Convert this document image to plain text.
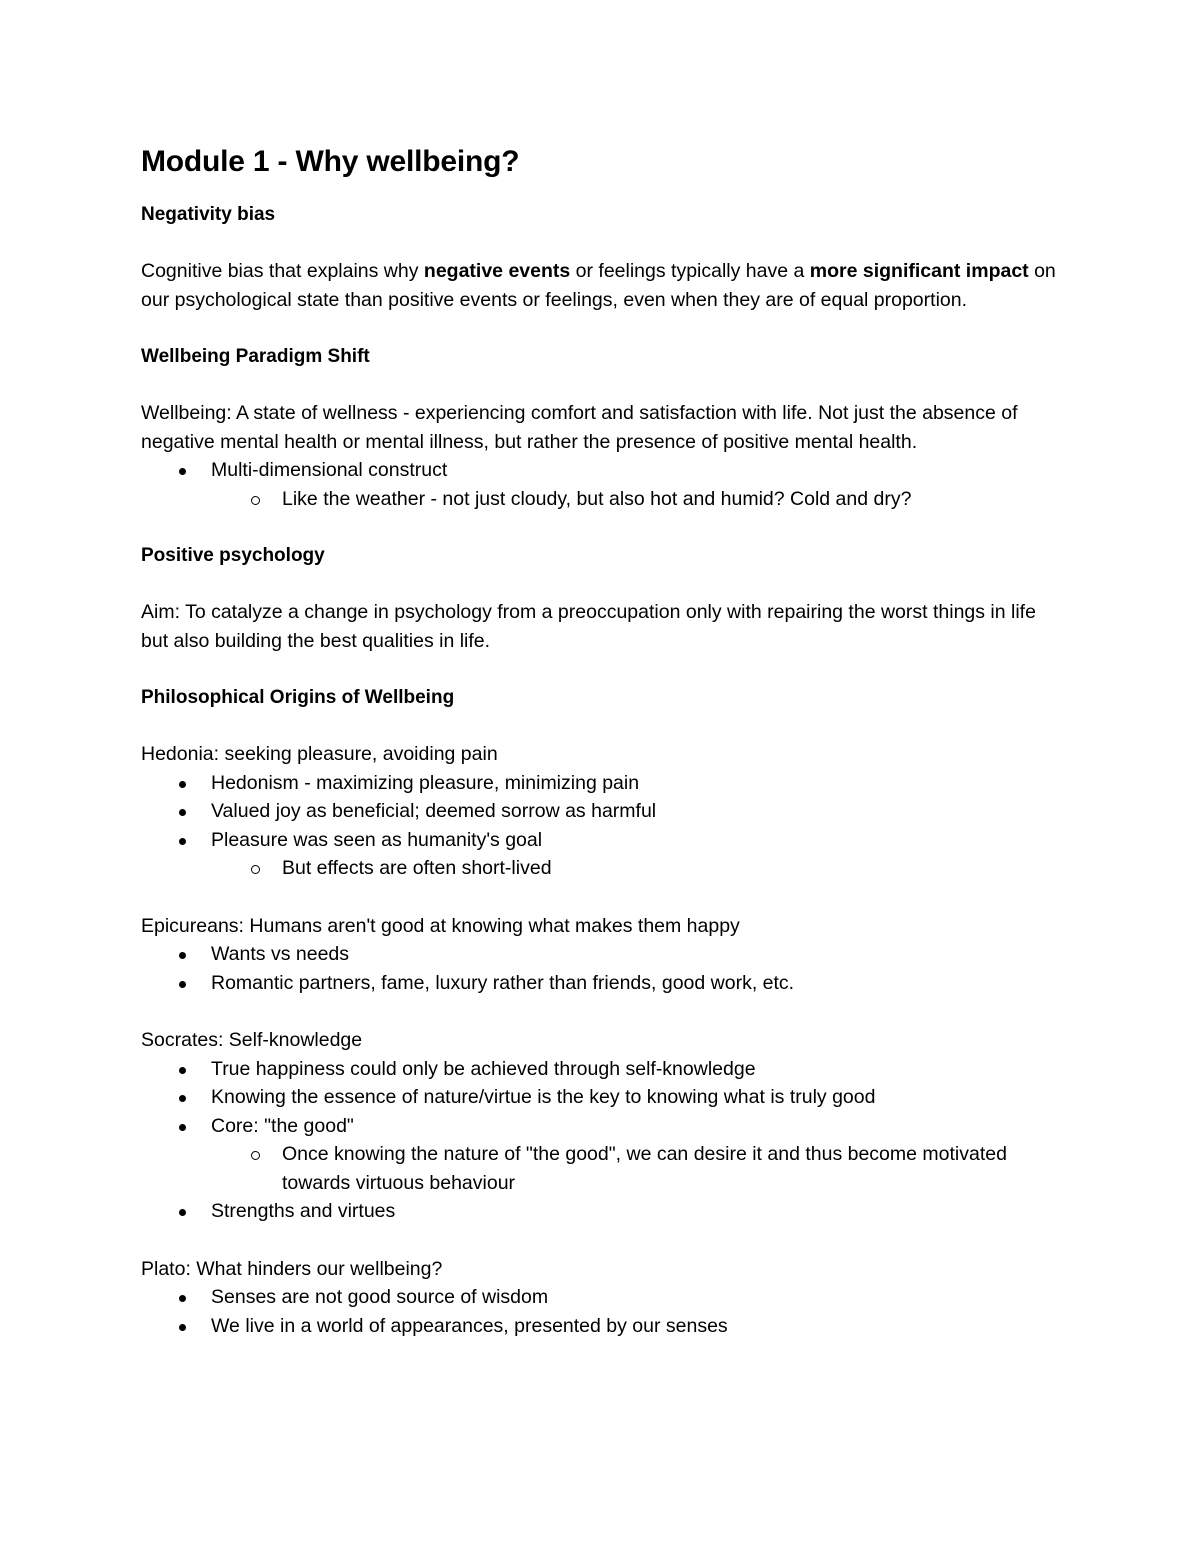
Module 1 - Why wellbeing?
Negativity bias

Cognitive bias that explains why negative events or feelings typically have a more significant impact on our psychological state than positive events or feelings, even when they are of equal proportion.

Wellbeing Paradigm Shift

Wellbeing: A state of wellness - experiencing comfort and satisfaction with life. Not just the absence of negative mental health or mental illness, but rather the presence of positive mental health.

Multi-dimensional construct
Like the weather - not just cloudy, but also hot and humid? Cold and dry?
Positive psychology

Aim: To catalyze a change in psychology from a preoccupation only with repairing the worst things in life but also building the best qualities in life.

Philosophical Origins of Wellbeing

Hedonia: seeking pleasure, avoiding pain

Hedonism - maximizing pleasure, minimizing pain
Valued joy as beneficial; deemed sorrow as harmful
Pleasure was seen as humanity's goal
But effects are often short-lived

Epicureans: Humans aren't good at knowing what makes them happy

Wants vs needs
Romantic partners, fame, luxury rather than friends, good work, etc.

Socrates: Self-knowledge

True happiness could only be achieved through self-knowledge
Knowing the essence of nature/virtue is the key to knowing what is truly good
Core: "the good"
Once knowing the nature of "the good", we can desire it and thus become motivated towards virtuous behaviour
Strengths and virtues

Plato: What hinders our wellbeing?

Senses are not good source of wisdom
We live in a world of appearances, presented by our senses
